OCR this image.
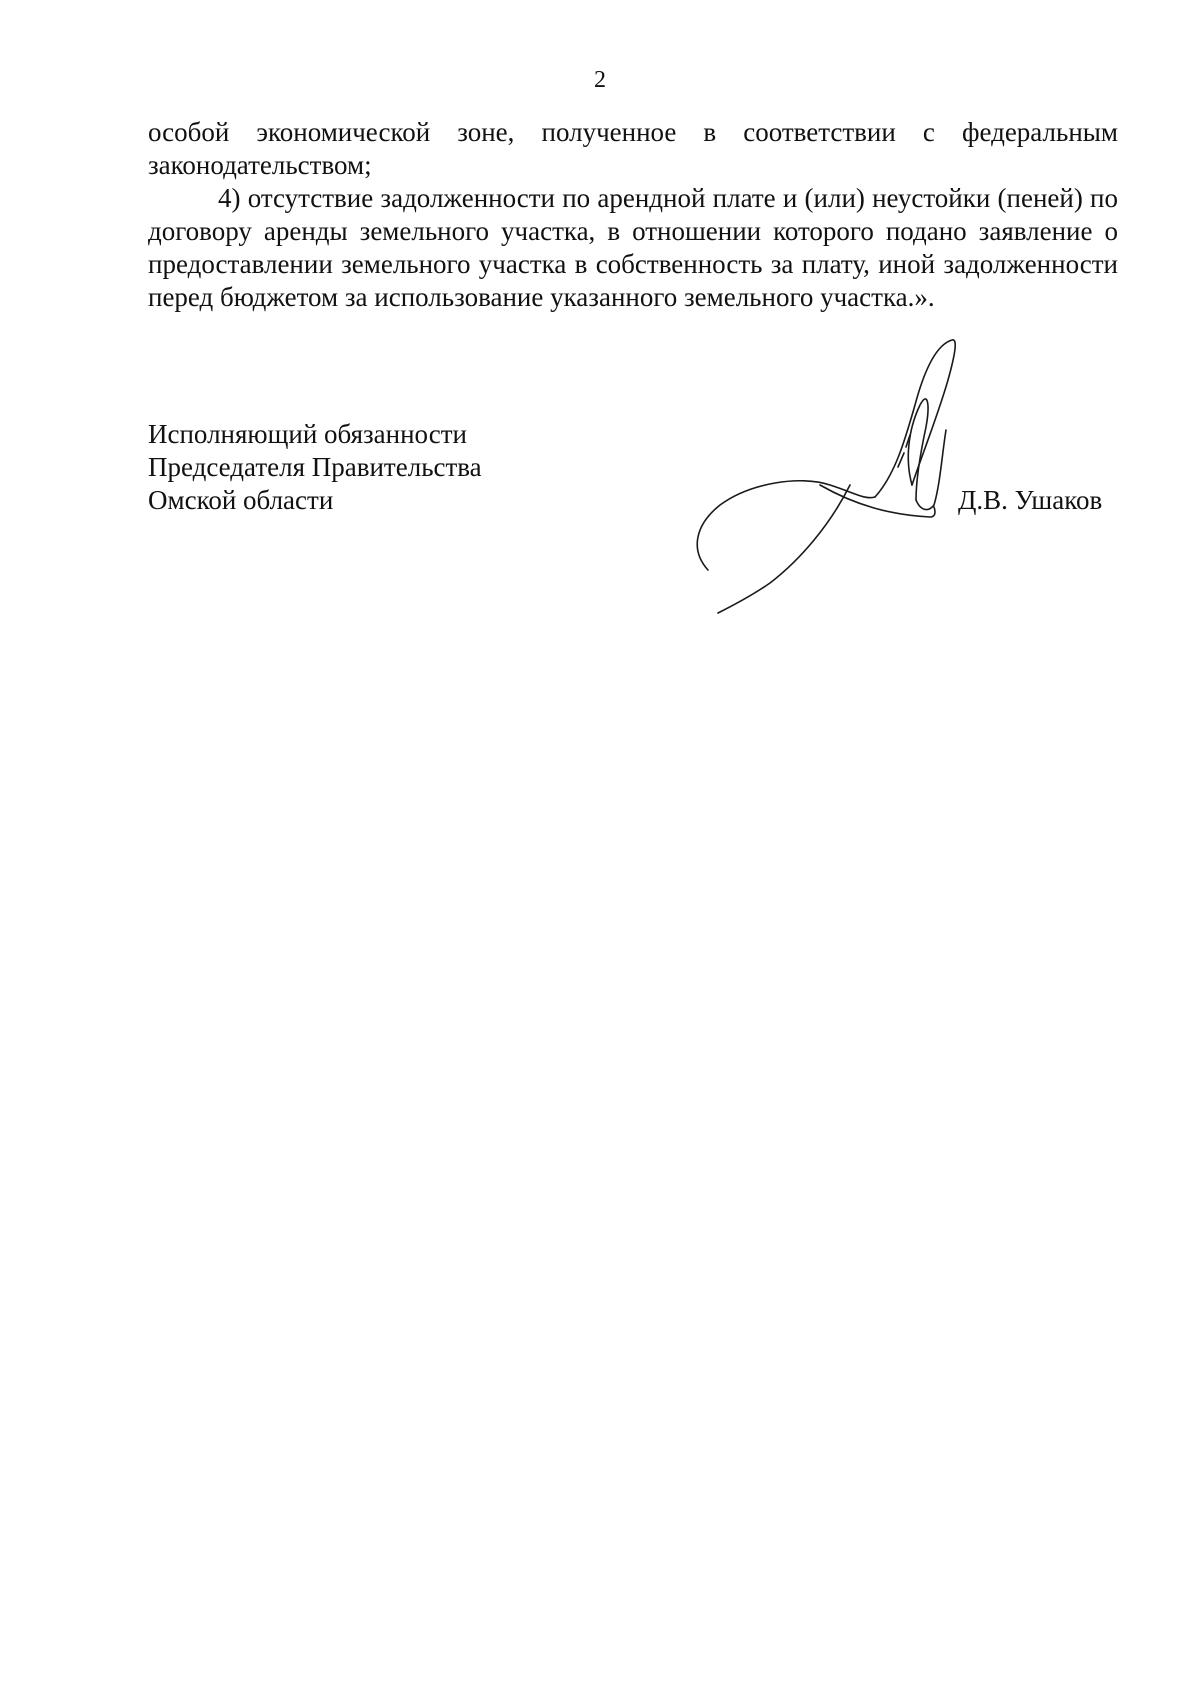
2

особой экономической зоне, полученное в соответствии с федеральным законодательством;

4) отсутствие задолженности по арендной плате и (или) неустойки (пеней) по договору аренды земельного участка, в отношении которого подано заявление о предоставлении земельного участка в собственность за плату, иной задолженности перед бюджетом за использование указанного земельного участка.».

Исполняющий обязанности
Председателя Правительства
Омской области	Д.В. Ушаков
